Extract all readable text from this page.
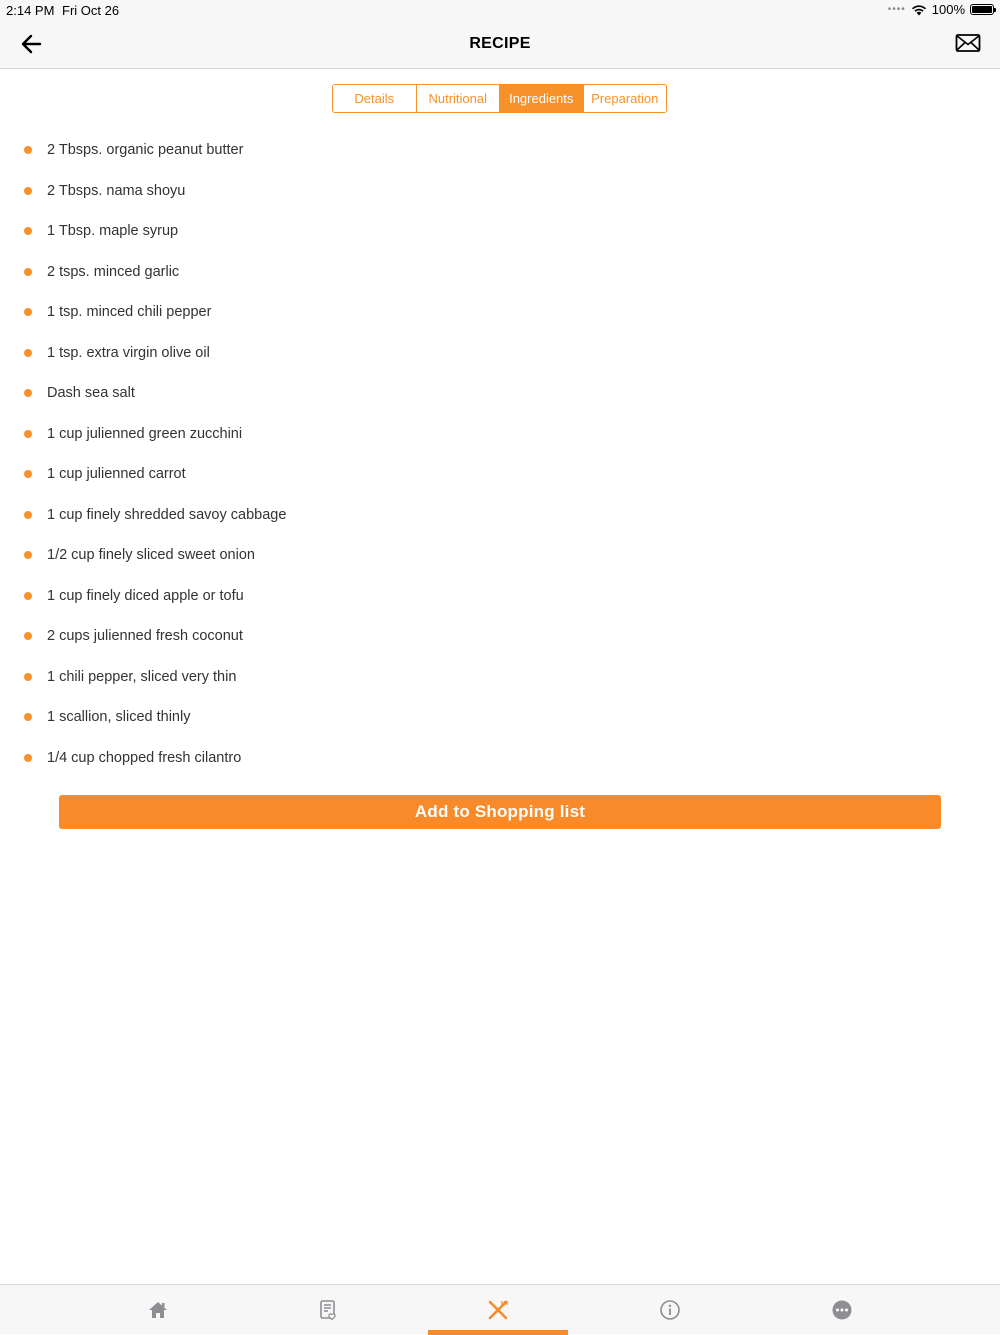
2:14 PM Fri Oct 26	•••• 100%
RECIPE
Details	Nutritional	Ingredients	Preparation
2 Tbsps. organic peanut butter
2 Tbsps. nama shoyu
1 Tbsp. maple syrup
2 tsps. minced garlic
1 tsp. minced chili pepper
1 tsp. extra virgin olive oil
Dash sea salt
1 cup julienned green zucchini
1 cup julienned carrot
1 cup finely shredded savoy cabbage
1/2 cup finely sliced sweet onion
1 cup finely diced apple or tofu
2 cups julienned fresh coconut
1 chili pepper, sliced very thin
1 scallion, sliced thinly
1/4 cup chopped fresh cilantro
Add to Shopping list
